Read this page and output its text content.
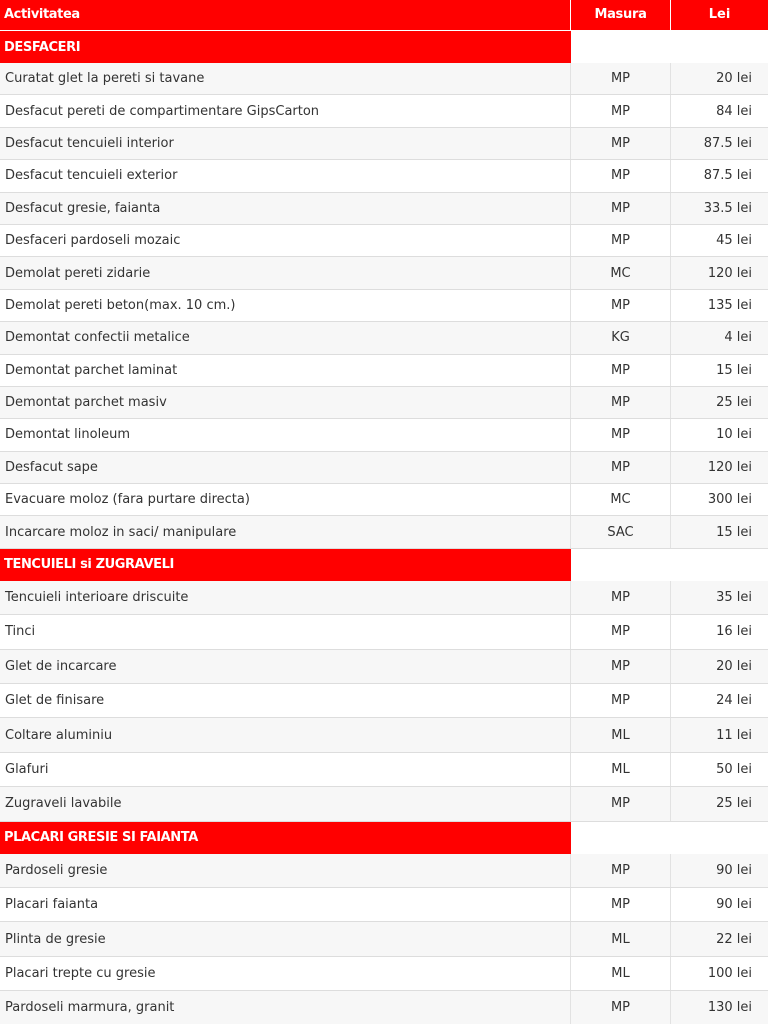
Activitatea	Masura	Lei
DESFACERI
Curatat glet la pereti si tavane	MP	20 lei
Desfacut pereti de compartimentare GipsCarton	MP	84 lei
Desfacut tencuieli interior	MP	87.5 lei
Desfacut tencuieli exterior	MP	87.5 lei
Desfacut gresie, faianta	MP	33.5 lei
Desfaceri pardoseli mozaic	MP	45 lei
Demolat pereti zidarie	MC	120 lei
Demolat pereti beton(max. 10 cm.)	MP	135 lei
Demontat confectii metalice	KG	4 lei
Demontat parchet laminat	MP	15 lei
Demontat parchet masiv	MP	25 lei
Demontat linoleum	MP	10 lei
Desfacut sape	MP	120 lei
Evacuare moloz (fara purtare directa)	MC	300 lei
Incarcare moloz in saci/ manipulare	SAC	15 lei
TENCUIELI si ZUGRAVELI
Tencuieli interioare driscuite	MP	35 lei
Tinci	MP	16 lei
Glet de incarcare	MP	20 lei
Glet de finisare	MP	24 lei
Coltare aluminiu	ML	11 lei
Glafuri	ML	50 lei
Zugraveli lavabile	MP	25 lei
PLACARI GRESIE SI FAIANTA
Pardoseli gresie	MP	90 lei
Placari faianta	MP	90 lei
Plinta de gresie	ML	22 lei
Placari trepte cu gresie	ML	100 lei
Pardoseli marmura, granit	MP	130 lei
